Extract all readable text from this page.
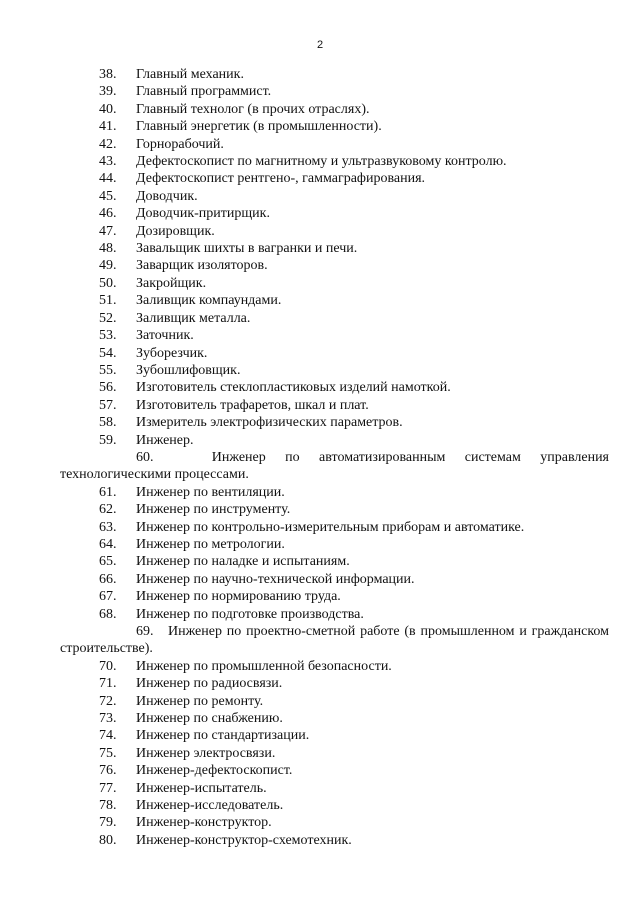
2
38.	Главный механик.
39.	Главный программист.
40.	Главный технолог (в прочих отраслях).
41.	Главный энергетик (в промышленности).
42.	Горнорабочий.
43.	Дефектоскопист по магнитному и ультразвуковому контролю.
44.	Дефектоскопист рентгено-, гаммаграфирования.
45.	Доводчик.
46.	Доводчик-притирщик.
47.	Дозировщик.
48.	Завальщик шихты в вагранки и печи.
49.	Заварщик изоляторов.
50.	Закройщик.
51.	Заливщик компаундами.
52.	Заливщик металла.
53.	Заточник.
54.	Зуборезчик.
55.	Зубошлифовщик.
56.	Изготовитель стеклопластиковых изделий намоткой.
57.	Изготовитель трафаретов, шкал и плат.
58.	Измеритель электрофизических параметров.
59.	Инженер.
60.	Инженер по автоматизированным системам управления технологическими процессами.
61.	Инженер по вентиляции.
62.	Инженер по инструменту.
63.	Инженер по контрольно-измерительным приборам и автоматике.
64.	Инженер по метрологии.
65.	Инженер по наладке и испытаниям.
66.	Инженер по научно-технической информации.
67.	Инженер по нормированию труда.
68.	Инженер по подготовке производства.
69. Инженер по проектно-сметной работе (в промышленном и гражданском строительстве).
70.	Инженер по промышленной безопасности.
71.	Инженер по радиосвязи.
72.	Инженер по ремонту.
73.	Инженер по снабжению.
74.	Инженер по стандартизации.
75.	Инженер электросвязи.
76.	Инженер-дефектоскопист.
77.	Инженер-испытатель.
78.	Инженер-исследователь.
79.	Инженер-конструктор.
80.	Инженер-конструктор-схемотехник.
